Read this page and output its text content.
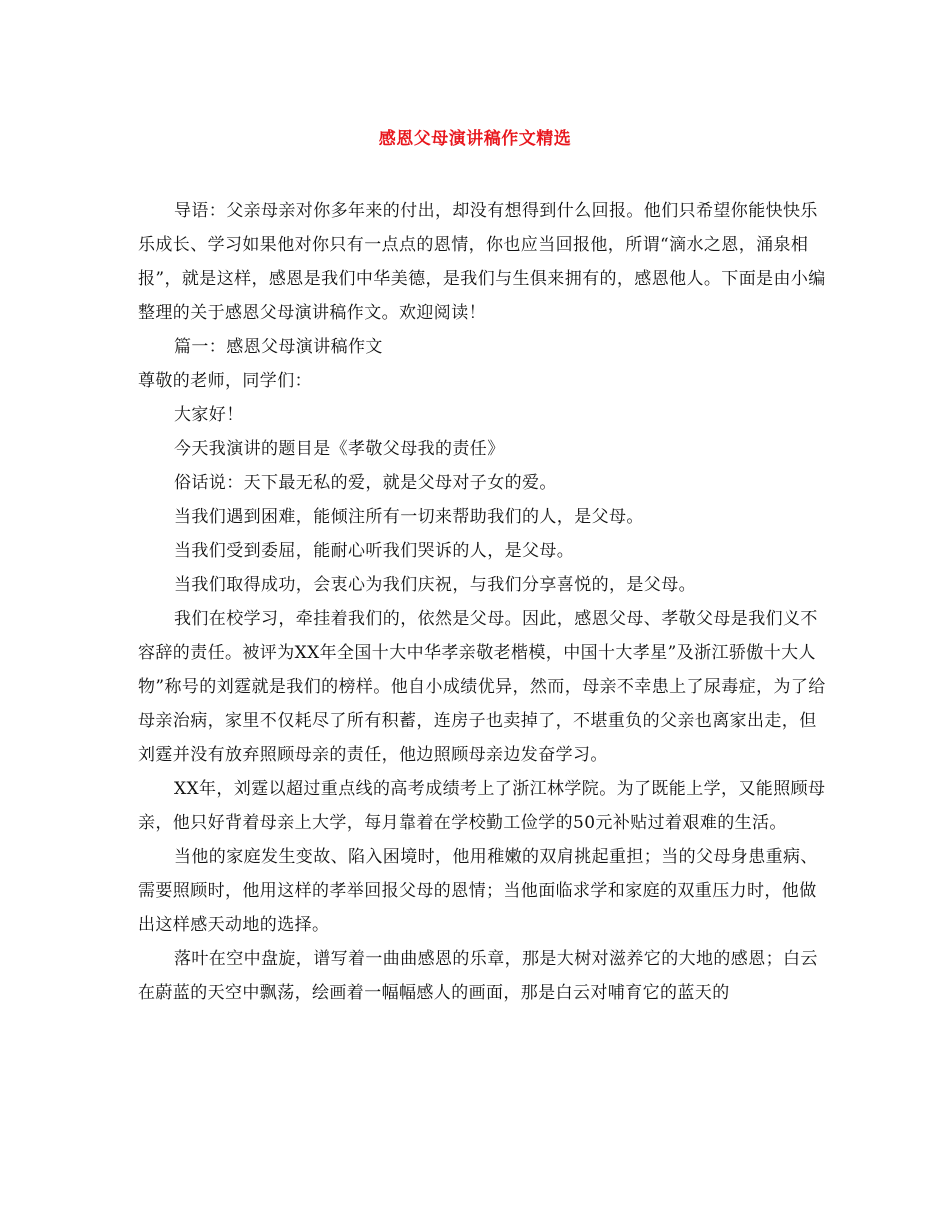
感恩父母演讲稿作文精选

导语：父亲母亲对你多年来的付出，却没有想得到什么回报。他们只希望你能快快乐乐成长、学习如果他对你只有一点点的恩情，你也应当回报他，所谓“滴水之恩，涌泉相报”，就是这样，感恩是我们中华美德，是我们与生俱来拥有的，感恩他人。下面是由小编整理的关于感恩父母演讲稿作文。欢迎阅读！

篇一：感恩父母演讲稿作文

尊敬的老师，同学们：

大家好！

今天我演讲的题目是《孝敬父母我的责任》

俗话说：天下最无私的爱，就是父母对子女的爱。

当我们遇到困难，能倾注所有一切来帮助我们的人，是父母。

当我们受到委屈，能耐心听我们哭诉的人，是父母。

当我们取得成功，会衷心为我们庆祝，与我们分享喜悦的，是父母。

我们在校学习，牵挂着我们的，依然是父母。因此，感恩父母、孝敬父母是我们义不容辞的责任。被评为XX年全国十大中华孝亲敬老楷模，中国十大孝星”及浙江骄傲十大人物”称号的刘霆就是我们的榜样。他自小成绩优异，然而，母亲不幸患上了尿毒症，为了给母亲治病，家里不仅耗尽了所有积蓄，连房子也卖掉了，不堪重负的父亲也离家出走，但刘霆并没有放弃照顾母亲的责任，他边照顾母亲边发奋学习。

XX年，刘霆以超过重点线的高考成绩考上了浙江林学院。为了既能上学，又能照顾母亲，他只好背着母亲上大学，每月靠着在学校勤工俭学的50元补贴过着艰难的生活。

当他的家庭发生变故、陷入困境时，他用稚嫩的双肩挑起重担；当的父母身患重病、需要照顾时，他用这样的孝举回报父母的恩情；当他面临求学和家庭的双重压力时，他做出这样感天动地的选择。

落叶在空中盘旋，谱写着一曲曲感恩的乐章，那是大树对滋养它的大地的感恩；白云在蔚蓝的天空中飘荡，绘画着一幅幅感人的画面，那是白云对哺育它的蓝天的
